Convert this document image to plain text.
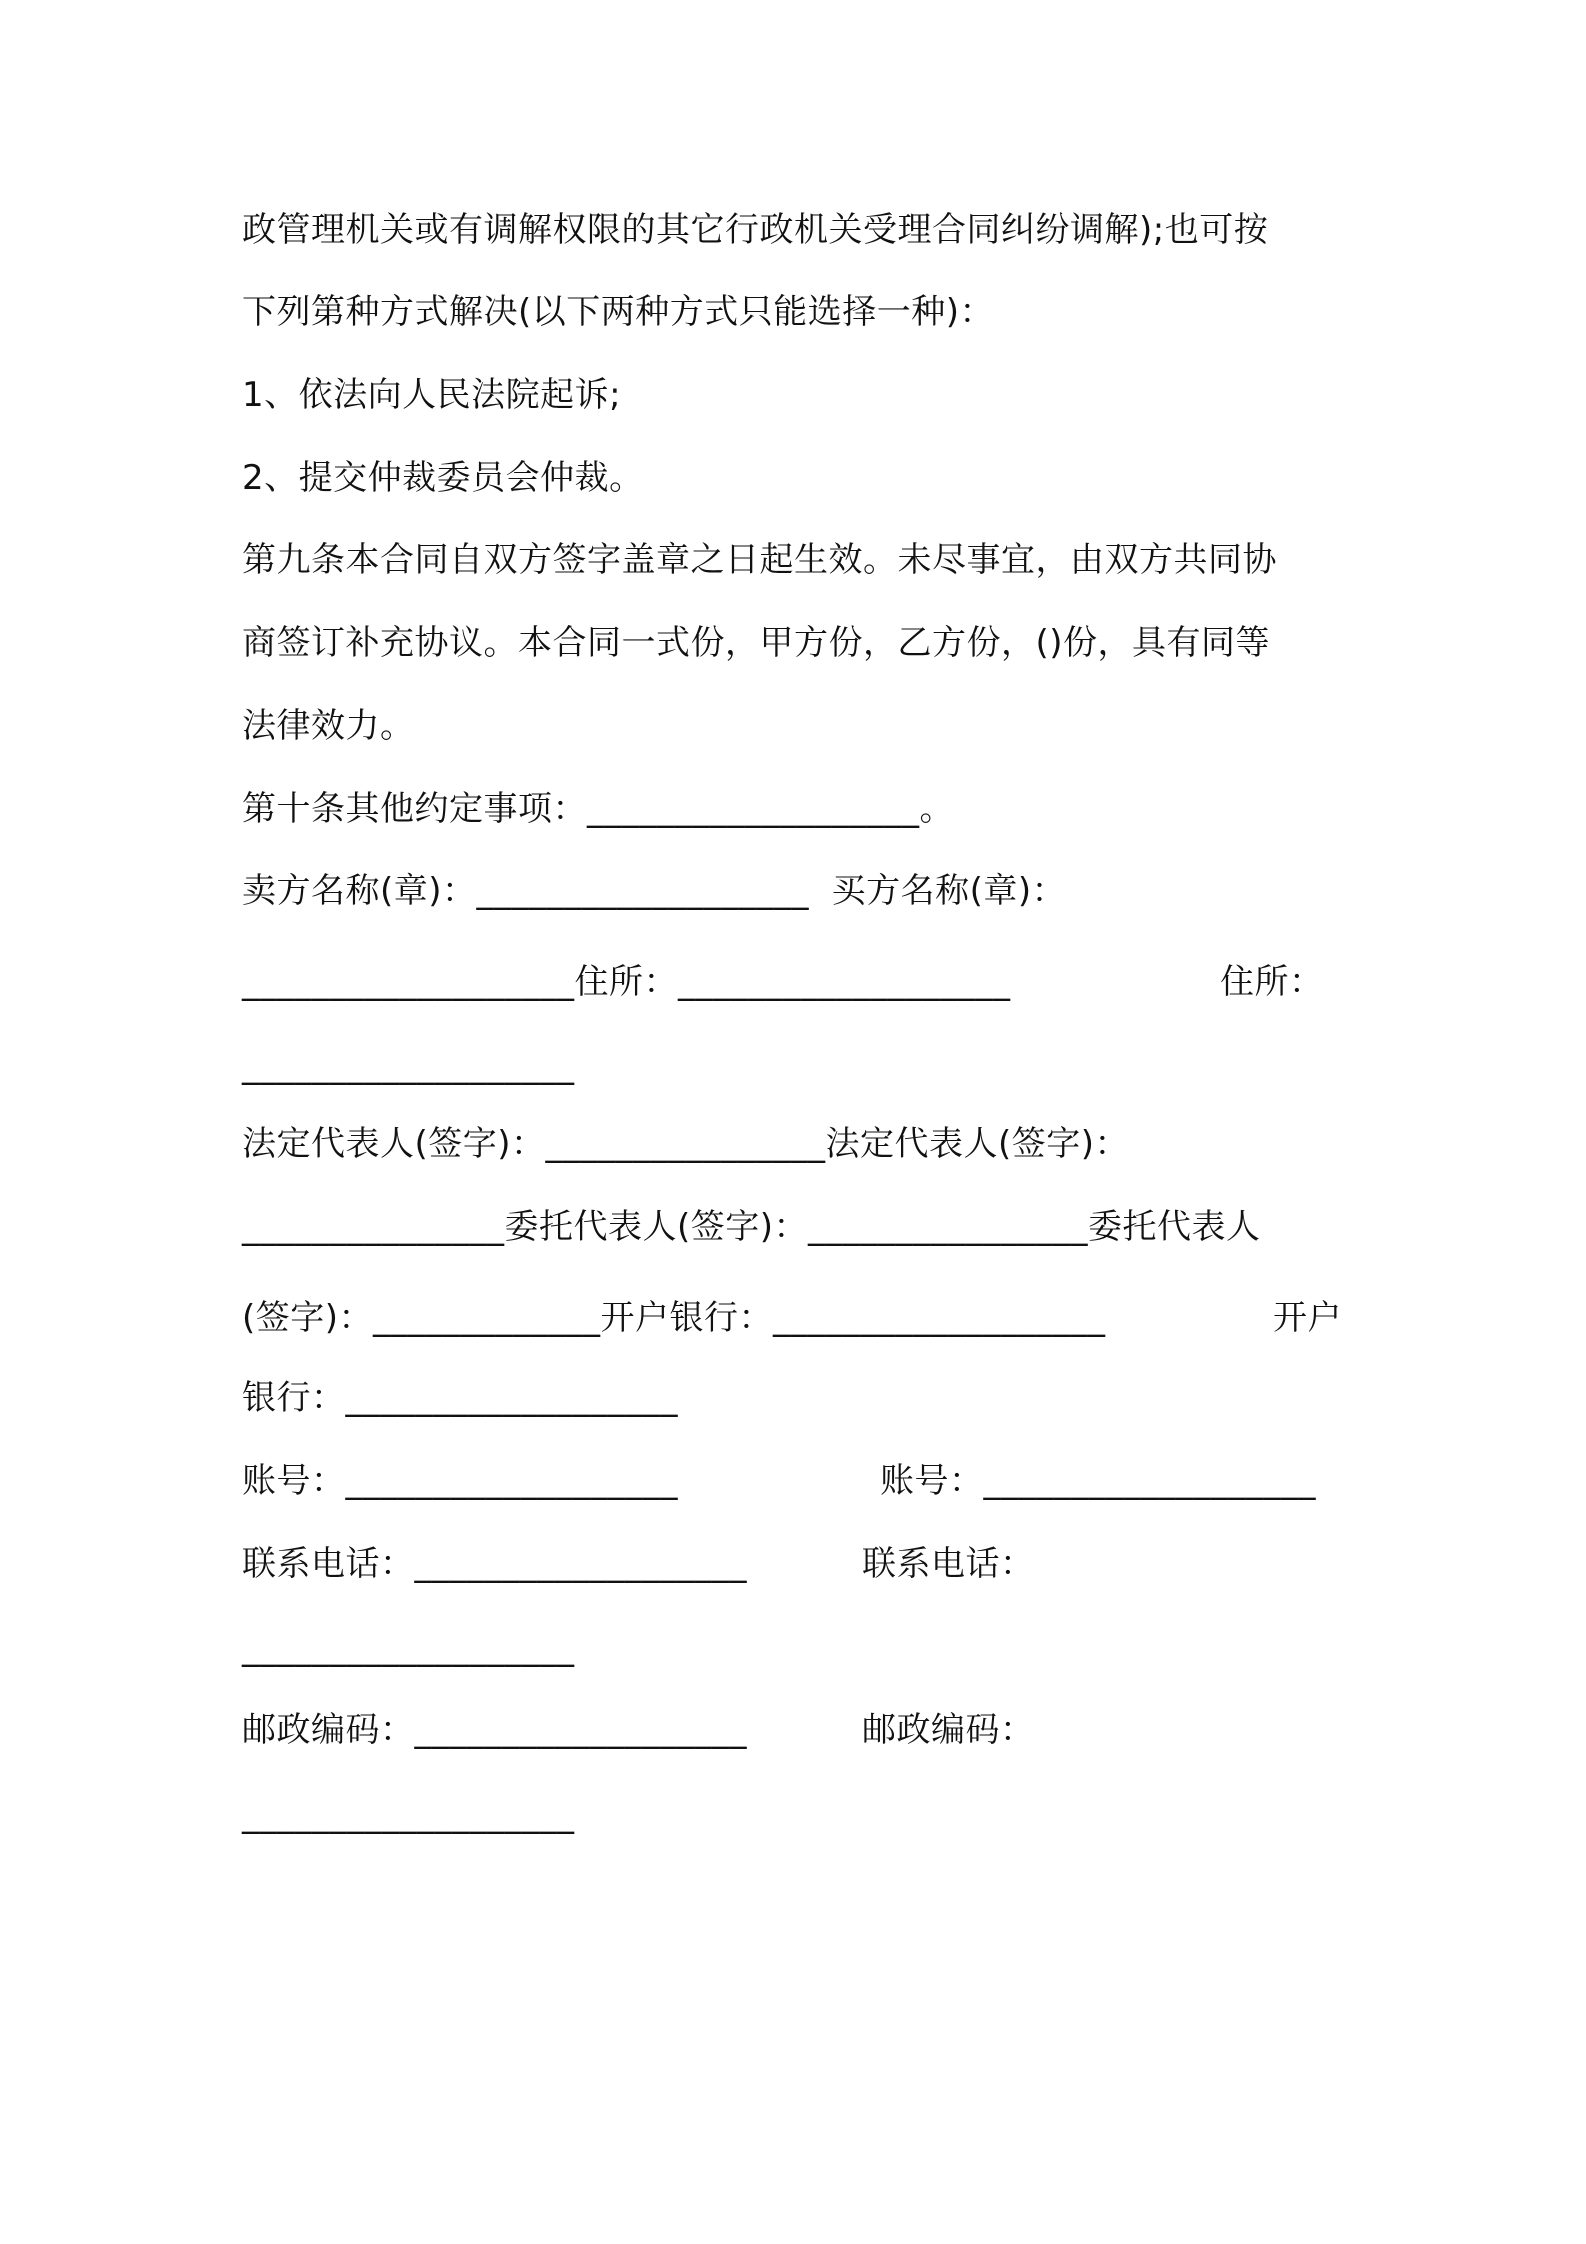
政管理机关或有调解权限的其它行政机关受理合同纠纷调解);也可按
下列第种方式解决(以下两种方式只能选择一种)：
1、依法向人民法院起诉;
2、提交仲裁委员会仲裁。
第九条本合同自双方签字盖章之日起生效。未尽事宜，由双方共同协
商签订补充协议。本合同一式份，甲方份，乙方份，()份，具有同等
法律效力。
第十条其他约定事项：___________________。
卖方名称(章)：___________________  买方名称(章)：
___________________住所：___________________	住所：
___________________
法定代表人(签字)：________________法定代表人(签字)：
_______________委托代表人(签字)：________________委托代表人
(签字)：_____________开户银行：___________________	开户
银行：___________________
账号：___________________	账号：___________________
联系电话：___________________	联系电话：
___________________
邮政编码：___________________	邮政编码：
___________________
